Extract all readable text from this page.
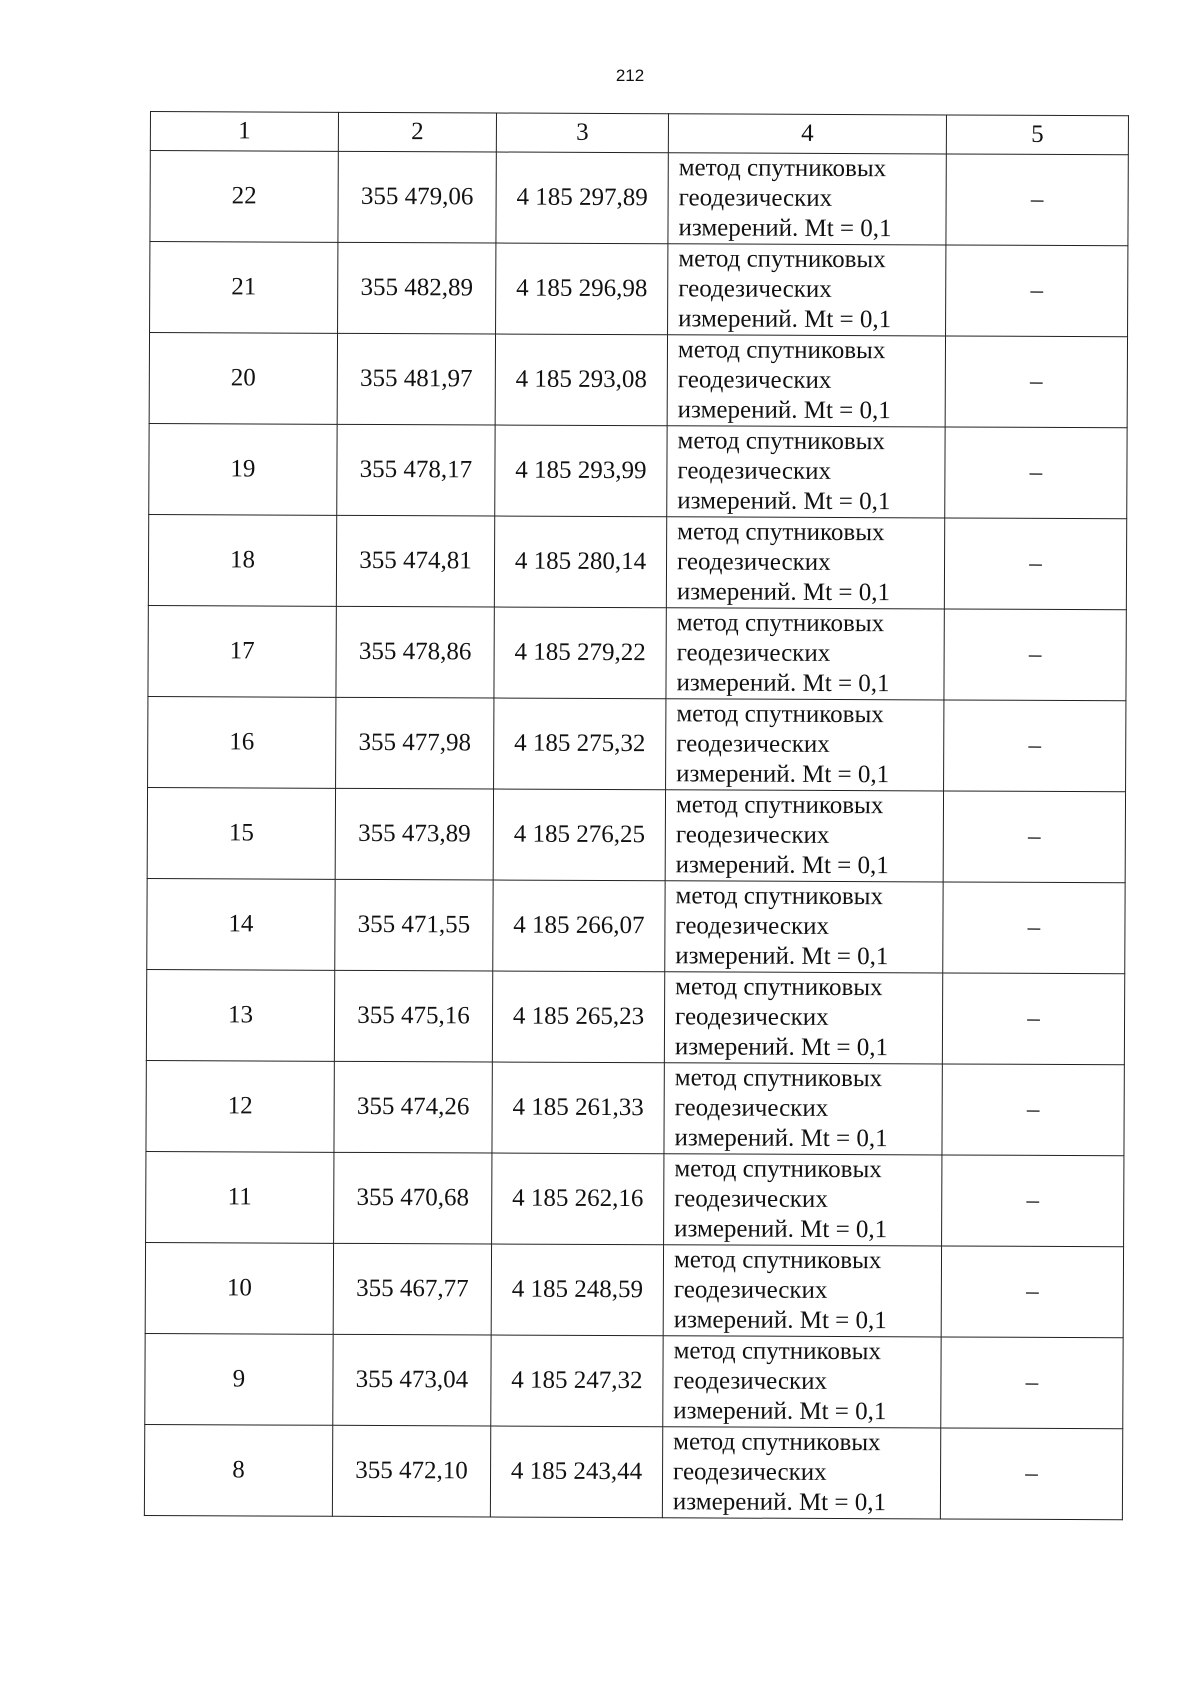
212
1	2	3	4	5
22	355 479,06	4 185 297,89	метод спутниковых
геодезических
измерений. Mt = 0,1	–
21	355 482,89	4 185 296,98	метод спутниковых
геодезических
измерений. Mt = 0,1	–
20	355 481,97	4 185 293,08	метод спутниковых
геодезических
измерений. Mt = 0,1	–
19	355 478,17	4 185 293,99	метод спутниковых
геодезических
измерений. Mt = 0,1	–
18	355 474,81	4 185 280,14	метод спутниковых
геодезических
измерений. Mt = 0,1	–
17	355 478,86	4 185 279,22	метод спутниковых
геодезических
измерений. Mt = 0,1	–
16	355 477,98	4 185 275,32	метод спутниковых
геодезических
измерений. Mt = 0,1	–
15	355 473,89	4 185 276,25	метод спутниковых
геодезических
измерений. Mt = 0,1	–
14	355 471,55	4 185 266,07	метод спутниковых
геодезических
измерений. Mt = 0,1	–
13	355 475,16	4 185 265,23	метод спутниковых
геодезических
измерений. Mt = 0,1	–
12	355 474,26	4 185 261,33	метод спутниковых
геодезических
измерений. Mt = 0,1	–
11	355 470,68	4 185 262,16	метод спутниковых
геодезических
измерений. Mt = 0,1	–
10	355 467,77	4 185 248,59	метод спутниковых
геодезических
измерений. Mt = 0,1	–
9	355 473,04	4 185 247,32	метод спутниковых
геодезических
измерений. Mt = 0,1	–
8	355 472,10	4 185 243,44	метод спутниковых
геодезических
измерений. Mt = 0,1	–
